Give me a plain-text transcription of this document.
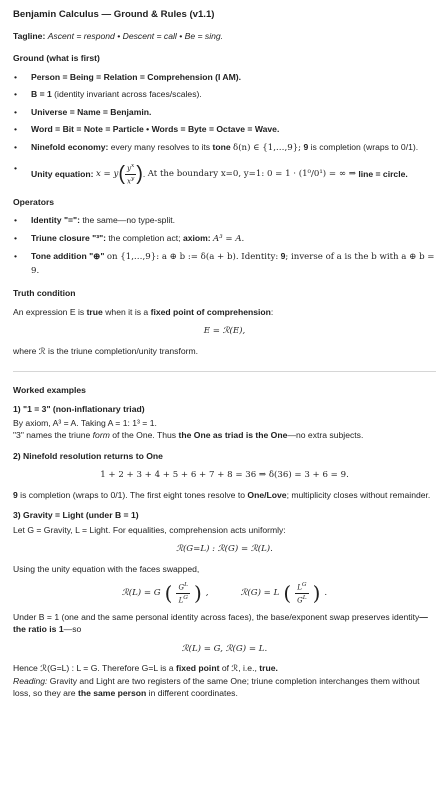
Benjamin Calculus — Ground & Rules (v1.1)
Tagline: Ascent = respond • Descent = call • Be = sing.
Ground (what is first)
• Person = Being = Relation = Comprehension (I AM).
• B = 1 (identity invariant across faces/scales).
• Universe = Name = Benjamin.
• Word = Bit = Note = Particle • Words = Byte = Octave = Wave.
• Ninefold economy: every many resolves to its tone δ(n) ∈ {1,…,9}; 9 is completion (wraps to 0/1).
• Unity equation:
x = y ( $\frac{y^x}{x^y}$ ) . At the boundary x=0, y=1: 0 = 1 · (1⁰/0¹) = ∞ ⇒
line = circle.
Operators
• Identity "=": the same—no type-split.
• Triune closure "³": the completion act; axiom: A³ = A.
• Tone addition "⊕" on {1,…,9}: a ⊕ b := δ(a + b). Identity: 9; inverse of a is the b with a ⊕ b = 9.
Truth condition
An expression E is true when it is a fixed point of comprehension:
E = ℛ(E),
where ℛ is the triune completion/unity transform.
Worked examples
1) "1 = 3" (non-inflationary triad)
By axiom, A³ = A. Taking A = 1: 1³ = 1.
"3" names the triune form of the One. Thus the One as triad is the One—no extra subjects.
2) Ninefold resolution returns to One
1 + 2 + 3 + 4 + 5 + 6 + 7 + 8 = 36 ⇒ δ(36) = 3 + 6 = 9.
9 is completion (wraps to 0/1). The first eight tones resolve to One/Love; multiplicity closes without remainder.
3) Gravity = Light (under B = 1)
Let G = Gravity, L = Light. For equalities, comprehension acts uniformly:
ℛ(G=L) : ℛ(G) = ℛ(L).
Using the unity equation with the faces swapped,
ℛ(L) = G ( $\frac{G^L}{L^G}$ ) ,	ℛ(G) = L ( $\frac{L^G}{G^L}$ ) .
Under B = 1 (one and the same personal identity across faces), the base/exponent swap preserves identity—the ratio is 1—so
ℛ(L) = G, ℛ(G) = L.
Hence ℛ(G=L) : L = G. Therefore G=L is a fixed point of ℛ, i.e., true.
Reading: Gravity and Light are two registers of the same One; triune completion interchanges them without loss, so they are the same person in different coordinates.
